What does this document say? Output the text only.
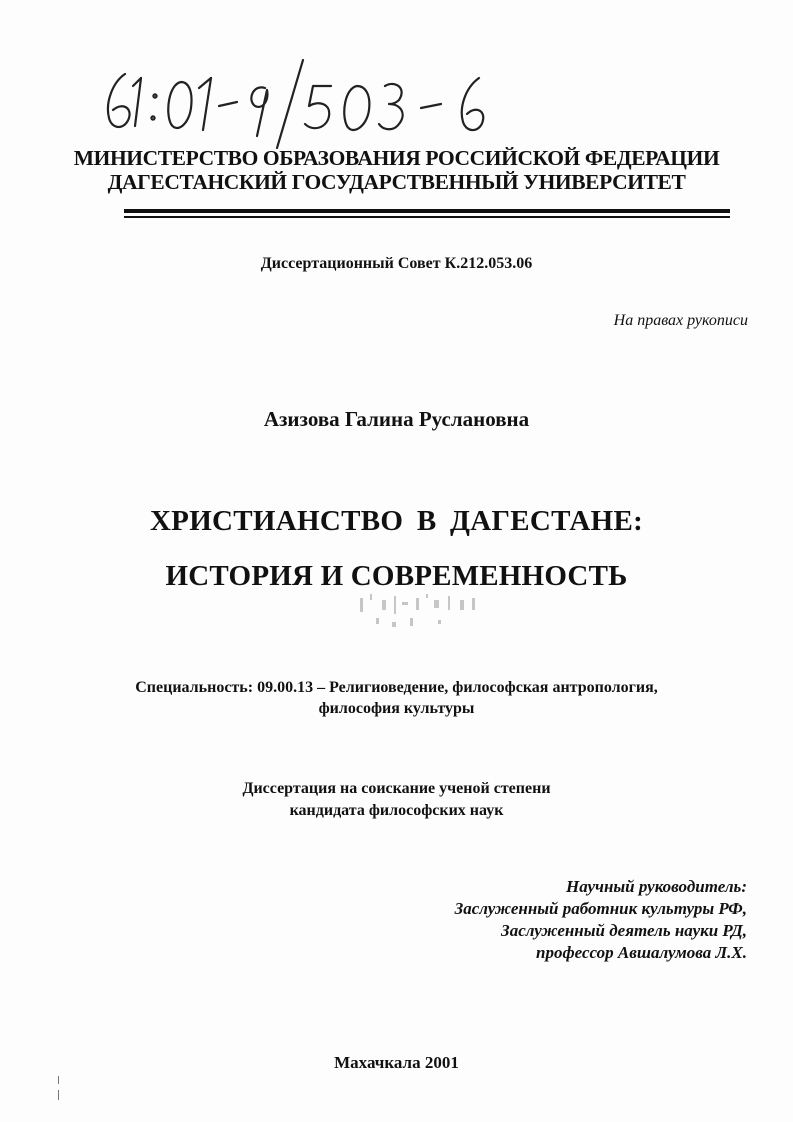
МИНИСТЕРСТВО ОБРАЗОВАНИЯ РОССИЙСКОЙ ФЕДЕРАЦИИ
ДАГЕСТАНСКИЙ ГОСУДАРСТВЕННЫЙ УНИВЕРСИТЕТ
Диссертационный Совет К.212.053.06
На правах рукописи
Азизова Галина Руслановна
ХРИСТИАНСТВО В ДАГЕСТАНЕ:
ИСТОРИЯ И СОВРЕМЕННОСТЬ
Специальность: 09.00.13 – Религиоведение, философская антропология,
философия культуры
Диссертация на соискание ученой степени
кандидата философских наук
Научный руководитель:
Заслуженный работник культуры РФ,
Заслуженный деятель науки РД,
профессор Авшалумова Л.Х.
Махачкала 2001
